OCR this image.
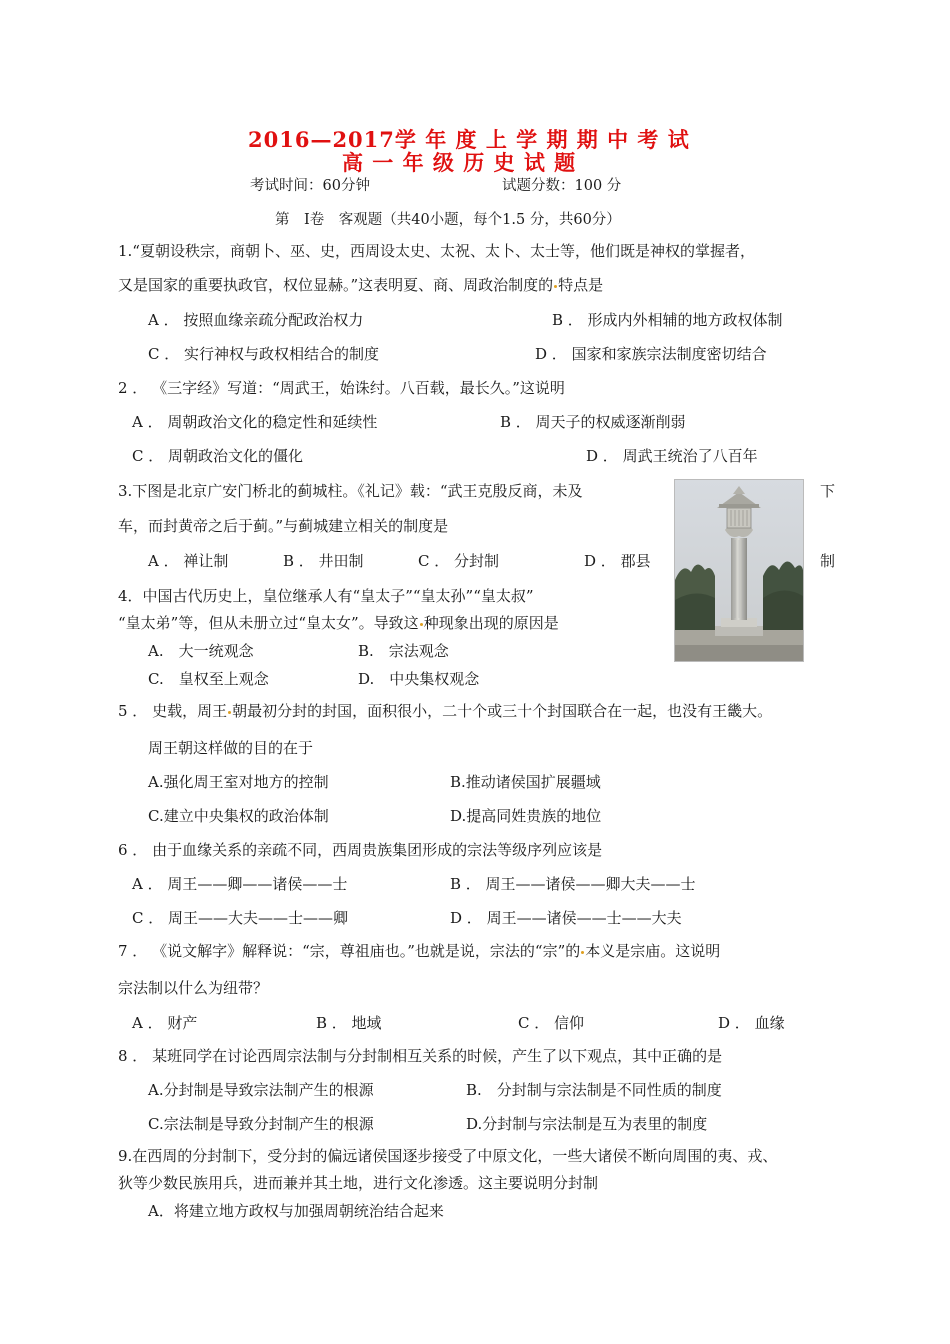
2016—2017学 年 度 上 学 期 期 中 考 试
高 一 年 级 历 史 试 题
考试时间：60分钟	试题分数：100 分
第　Ⅰ卷　客观题（共40小题，每个1.5 分，共60分）
1.“夏朝设秩宗，商朝卜、巫、史，西周设太史、太祝、太卜、太士等，他们既是神权的掌握者，
又是国家的重要执政官，权位显赫。”这表明夏、商、周政治制度的 特点是
A ． 按照血缘亲疏分配政治权力	B ． 形成内外相辅的地方政权体制
C ． 实行神权与政权相结合的制度	D ． 国家和家族宗法制度密切结合
2 ． 《三字经》写道：“周武王，始诛纣。八百载，最长久。”这说明
A ． 周朝政治文化的稳定性和延续性	B ． 周天子的权威逐渐削弱
C ． 周朝政治文化的僵化	D ． 周武王统治了八百年
3.下图是北京广安门桥北的蓟城柱。《礼记》载：“武王克殷反商，未及	下
车，而封黄帝之后于蓟。”与蓟城建立相关的制度是
A ． 禅让制	B ． 井田制	C ． 分封制	D ． 郡县	制
4．中国古代历史上，皇位继承人有“皇太子”“皇太孙”“皇太叔”
“皇太弟”等，但从未册立过“皇太女”。导致这 种现象出现的原因是
A.　大一统观念	B.　宗法观念
C.　皇权至上观念	D.　中央集权观念
5 ． 史载，周王 朝最初分封的封国，面积很小，二十个或三十个封国联合在一起，也没有王畿大。
周王朝这样做的目的在于
A.强化周王室对地方的控制	B.推动诸侯国扩展疆域
C.建立中央集权的政治体制	D.提高同姓贵族的地位
6 ． 由于血缘关系的亲疏不同，西周贵族集团形成的宗法等级序列应该是
A ． 周王——卿——诸侯——士	B ． 周王——诸侯——卿大夫——士
C ． 周王——大夫——士——卿	D ． 周王——诸侯——士——大夫
7 ． 《说文解字》解释说：“宗，尊祖庙也。”也就是说，宗法的“宗”的 本义是宗庙。这说明
宗法制以什么为纽带？
A ． 财产	B ． 地域	C ． 信仰	D ． 血缘
8 ． 某班同学在讨论西周宗法制与分封制相互关系的时候，产生了以下观点，其中正确的是
A.分封制是导致宗法制产生的根源	B.　分封制与宗法制是不同性质的制度
C.宗法制是导致分封制产生的根源	D.分封制与宗法制是互为表里的制度
9.在西周的分封制下，受分封的偏远诸侯国逐步接受了中原文化，一些大诸侯不断向周围的夷、戎、
狄等少数民族用兵，进而兼并其土地，进行文化渗透。这主要说明分封制
A．将建立地方政权与加强周朝统治结合起来
